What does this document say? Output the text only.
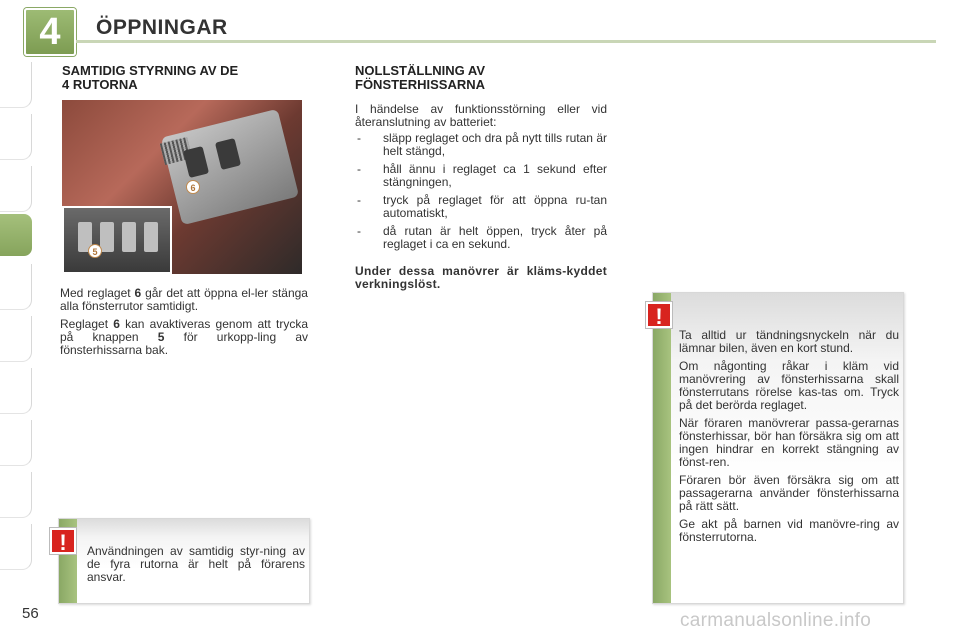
4	ÖPPNINGAR
SAMTIDIG STYRNING AV DE
4 RUTORNA
6
5
Med reglaget 6 går det att öppna el-ler stänga alla fönsterrutor samtidigt.
Reglaget 6 kan avaktiveras genom att trycka på knappen 5 för urkopp-ling av fönsterhissarna bak.
NOLLSTÄLLNING AV
FÖNSTERHISSARNA
I händelse av funktionsstörning eller vid återanslutning av batteriet:
- släpp reglaget och dra på nytt tills rutan är helt stängd,
- håll ännu i reglaget ca 1 sekund efter stängningen,
- tryck på reglaget för att öppna ru-tan automatiskt,
- då rutan är helt öppen, tryck åter på reglaget i ca en sekund.
Under dessa manövrer är kläms-kyddet verkningslöst.
Användningen av samtidig styr-ning av de fyra rutorna är helt på förarens ansvar.
!

Ta alltid ur tändningsnyckeln när du lämnar bilen, även en kort stund.

Om någonting råkar i kläm vid manövrering av fönsterhissarna skall fönsterrutans rörelse kas-tas om. Tryck på det berörda reglaget.

När föraren manövrerar passa-gerarnas fönsterhissar, bör han försäkra sig om att ingen hindrar en korrekt stängning av fönst-ren.

Föraren bör även försäkra sig om att passagerarna använder fönsterhissarna på rätt sätt.

Ge akt på barnen vid manövre-ring av fönsterrutorna.

!
56	carmanualsonline.info
